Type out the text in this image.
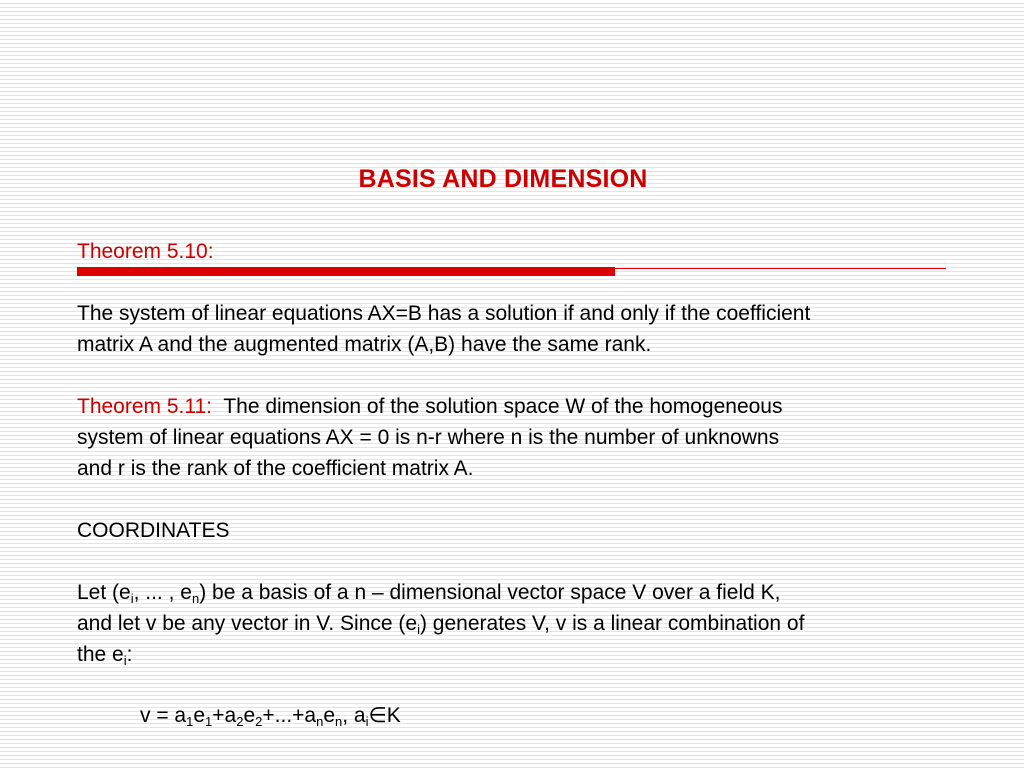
BASIS AND DIMENSION
Theorem 5.10:
The system of linear equations AX=B has a solution if and only if the coefficient
matrix A and the augmented matrix (A,B) have the same rank.
Theorem 5.11: The dimension of the solution space W of the homogeneous
system of linear equations AX = 0 is n-r where n is the number of unknowns
and r is the rank of the coefficient matrix A.
COORDINATES
Let ($e_i$, ... , $e_n$) be a basis of a n – dimensional vector space V over a field K,
and let v be any vector in V. Since $(e_i)$ generates V, v is a linear combination of
the $e_i$:
$v = a_1e_1+a_2e_2+...+a_ne_n$, $a_i\in K$
